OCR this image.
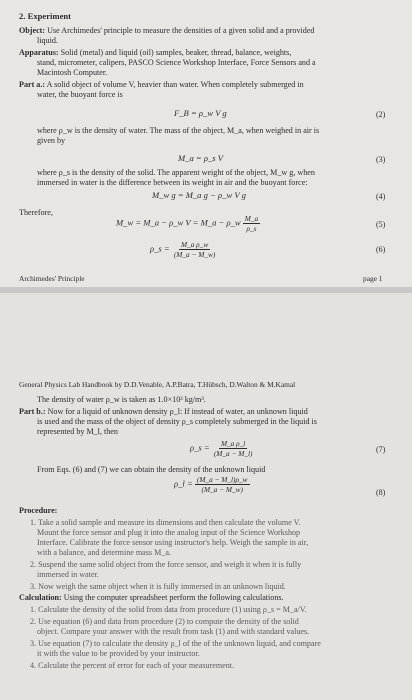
2. Experiment
Object: Use Archimedes' principle to measure the densities of a given solid and a provided
liquid.
Apparatus: Solid (metal) and liquid (oil) samples, beaker, thread, balance, weights,
stand, micrometer, calipers, PASCO Science Workshop Interface, Force Sensors and a
Macintosh Computer.
Part a.: A solid object of volume V, heavier than water. When completely submerged in
water, the buoyant force is
F_B = ρ_w V g	(2)
where ρ_w is the density of water. The mass of the object, M_a, when weighed in air is
given by
M_a = ρ_s V	(3)
where ρ_s is the density of the solid. The apparent weight of the object, M_w g, when
immersed in water is the difference between its weight in air and the buoyant force:
M_w g = M_a g − ρ_w V g	(4)
Therefore,
M_w = M_a − ρ_w V = M_a − ρ_w $\frac{M\_a}{\rho\_s}$	(5)
ρ_s = $\frac{\text{M\_a ρ\_w}}{(M\_a - M\_w)}$	(6)
Archimedes' Principle	page 1
General Physics Lab Handbook by D.D.Venable, A.P.Batra, T.Hübsch, D.Walton & M.Kamal
The density of water ρ_w is taken as 1.0×10³ kg/m³.
Part b.: Now for a liquid of unknown density ρ_l: If instead of water, an unknown liquid
is used and the mass of the object of density ρ_s completely submerged in the liquid is
represented by M_l, then
ρ_s = $\frac{\text{M\_a ρ\_l}}{(M\_a - M\_l)}$	(7)
From Eqs. (6) and (7) we can obtain the density of the unknown liquid
ρ_l = $\frac{(M\_a - M\_l)\rho\_w}{(M\_a - M\_w)}$	(8)
Procedure:
1. Take a solid sample and measure its dimensions and then calculate the volume V.
Mount the force sensor and plug it into the analog input of the Science Workshop
Interface. Calibrate the force sensor using instructor's help. Weigh the sample in air,
with a balance, and determine mass M_a.
2. Suspend the same solid object from the force sensor, and weigh it when it is fully
immersed in water.
3. Now weigh the same object when it is fully immersed in an unknown liquid.
Calculation: Using the computer spreadsheet perform the following calculations.
1. Calculate the density of the solid from data from procedure (1) using ρ_s = M_a/V.
2. Use equation (6) and data from procedure (2) to compute the density of the solid
object. Compare your answer with the result from task (1) and with standard values.
3. Use equation (7) to calculate the density ρ_l of the of the unknown liquid, and compare
it with the value to be provided by your instructor.
4. Calculate the percent of error for each of your measurement.
